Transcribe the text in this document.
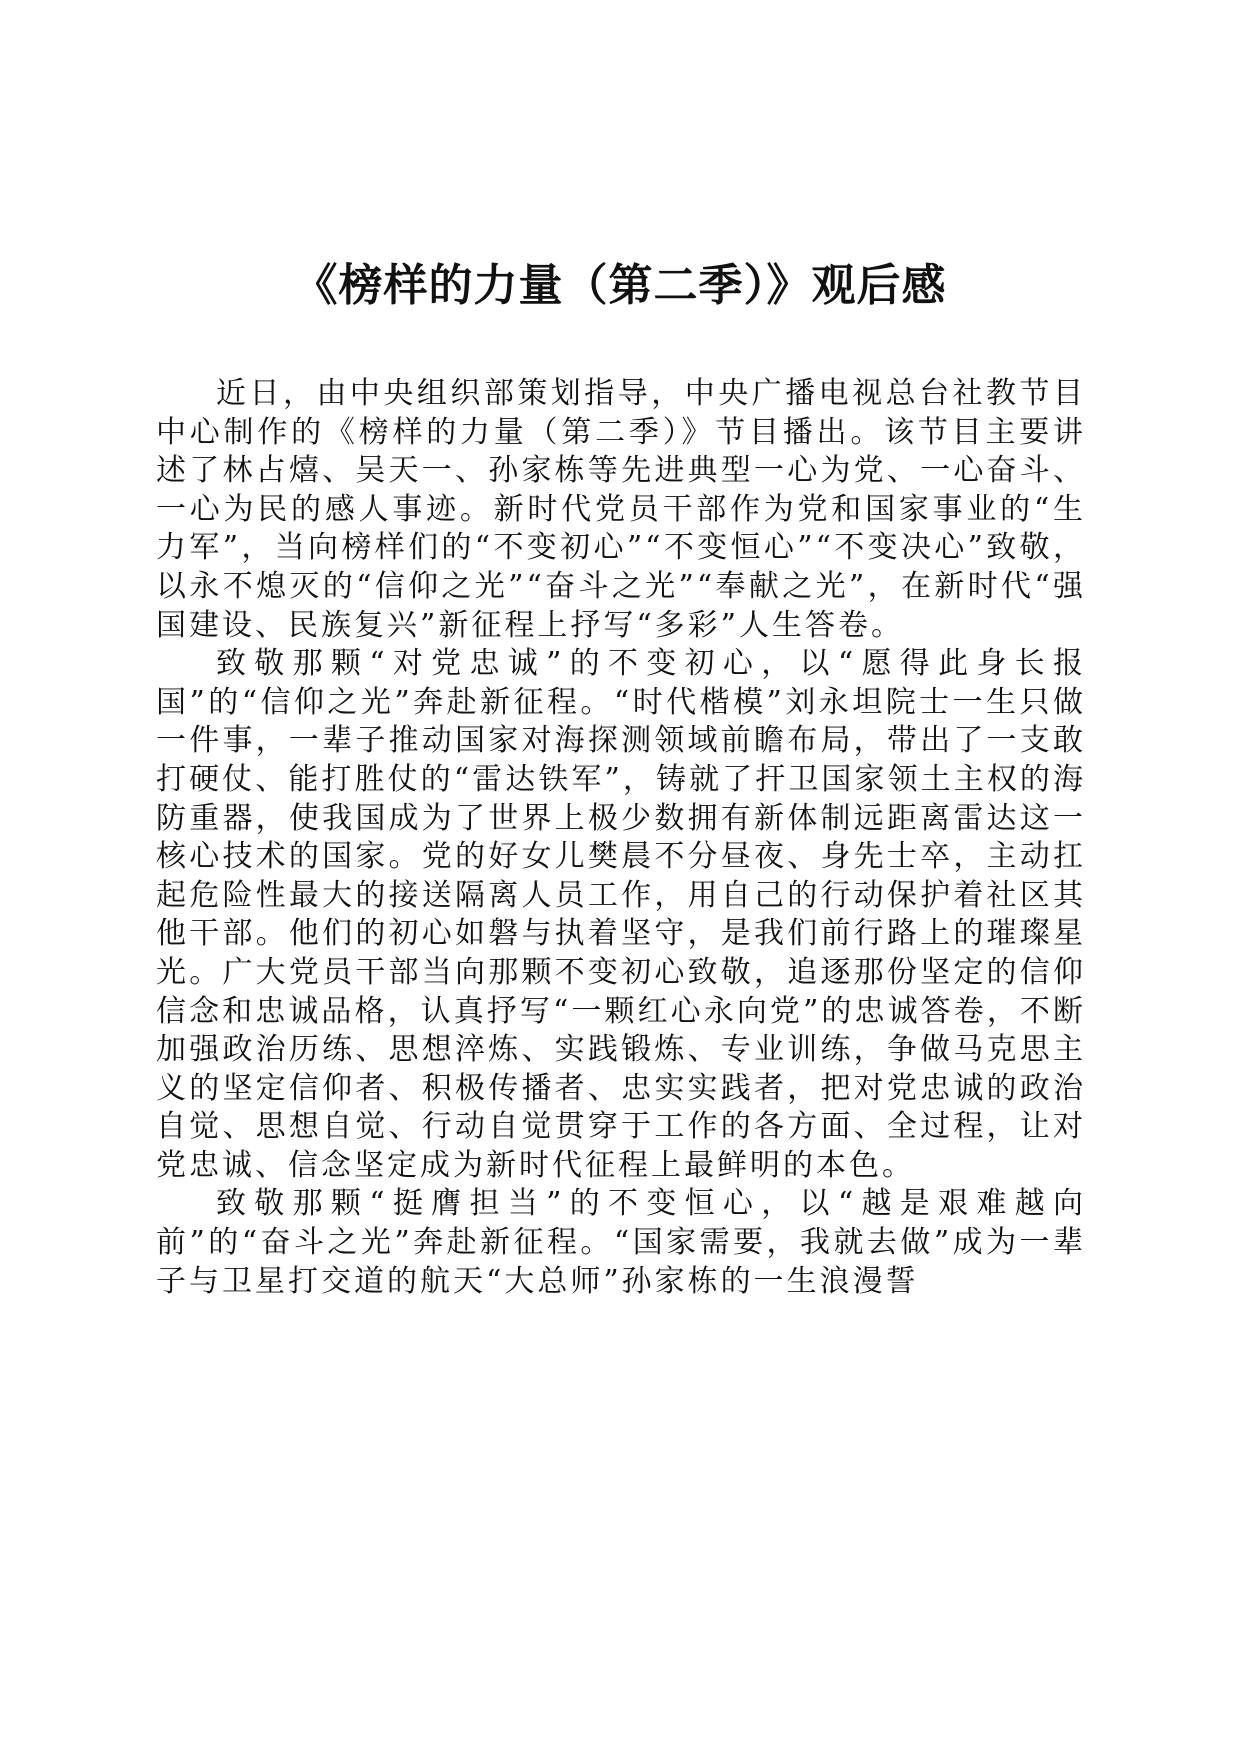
《榜样的力量（第二季）》观后感

近日，由中央组织部策划指导，中央广播电视总台社教节目中心制作的《榜样的力量（第二季）》节目播出。该节目主要讲述了林占熺、吴天一、孙家栋等先进典型一心为党、一心奋斗、一心为民的感人事迹。新时代党员干部作为党和国家事业的“生力军”，当向榜样们的“不变初心”“不变恒心”“不变决心”致敬，以永不熄灭的“信仰之光”“奋斗之光”“奉献之光”，在新时代“强国建设、民族复兴”新征程上抒写“多彩”人生答卷。

致敬那颗“对党忠诚”的不变初心，以“愿得此身长报国”的“信仰之光”奔赴新征程。“时代楷模”刘永坦院士一生只做一件事，一辈子推动国家对海探测领域前瞻布局，带出了一支敢打硬仗、能打胜仗的“雷达铁军”，铸就了扞卫国家领土主权的海防重器，使我国成为了世界上极少数拥有新体制远距离雷达这一核心技术的国家。党的好女儿樊晨不分昼夜、身先士卒，主动扛起危险性最大的接送隔离人员工作，用自己的行动保护着社区其他干部。他们的初心如磐与执着坚守，是我们前行路上的璀璨星光。广大党员干部当向那颗不变初心致敬，追逐那份坚定的信仰信念和忠诚品格，认真抒写“一颗红心永向党”的忠诚答卷，不断加强政治历练、思想淬炼、实践锻炼、专业训练，争做马克思主义的坚定信仰者、积极传播者、忠实实践者，把对党忠诚的政治自觉、思想自觉、行动自觉贯穿于工作的各方面、全过程，让对党忠诚、信念坚定成为新时代征程上最鲜明的本色。

致敬那颗“挺膺担当”的不变恒心，以“越是艰难越向前”的“奋斗之光”奔赴新征程。“国家需要，我就去做”成为一辈子与卫星打交道的航天“大总师”孙家栋的一生浪漫誓
